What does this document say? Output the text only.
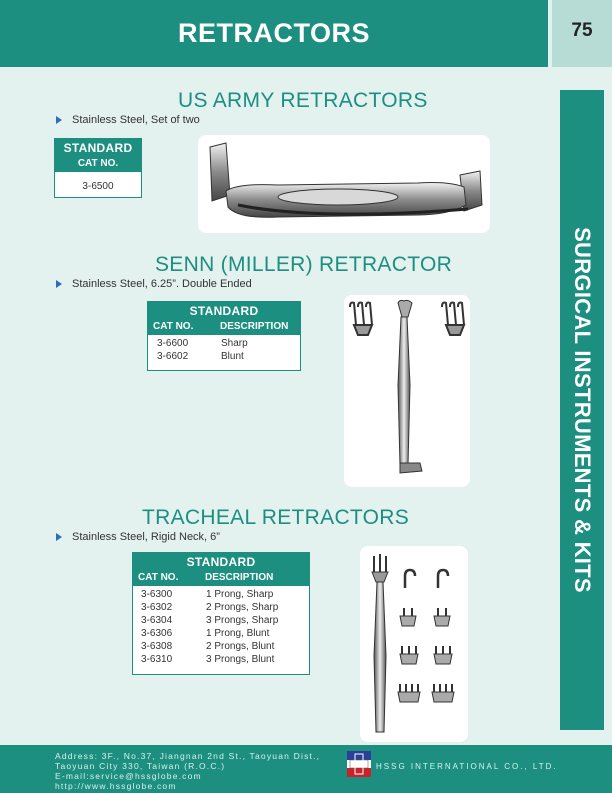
RETRACTORS	75
SURGICAL INSTRUMENTS & KITS
US ARMY RETRACTORS
Stainless Steel, Set of two
STANDARD
CAT NO.
3-6500
SENN (MILLER) RETRACTOR
Stainless Steel, 6.25”. Double Ended
STANDARD
CAT NO.	DESCRIPTION
3-6600	Sharp
3-6602	Blunt
TRACHEAL RETRACTORS
Stainless Steel, Rigid Neck, 6”
STANDARD
CAT NO.	DESCRIPTION
3-6300	1 Prong, Sharp
3-6302	2 Prongs, Sharp
3-6304	3 Prongs, Sharp
3-6306	1 Prong, Blunt
3-6308	2 Prongs, Blunt
3-6310	3 Prongs, Blunt
Address: 3F., No.37, Jiangnan 2nd St., Taoyuan Dist.,
Taoyuan City 330, Taiwan (R.O.C.)
E-mail:service@hssglobe.com
http://www.hssglobe.com
HSSG INTERNATIONAL CO., LTD.
